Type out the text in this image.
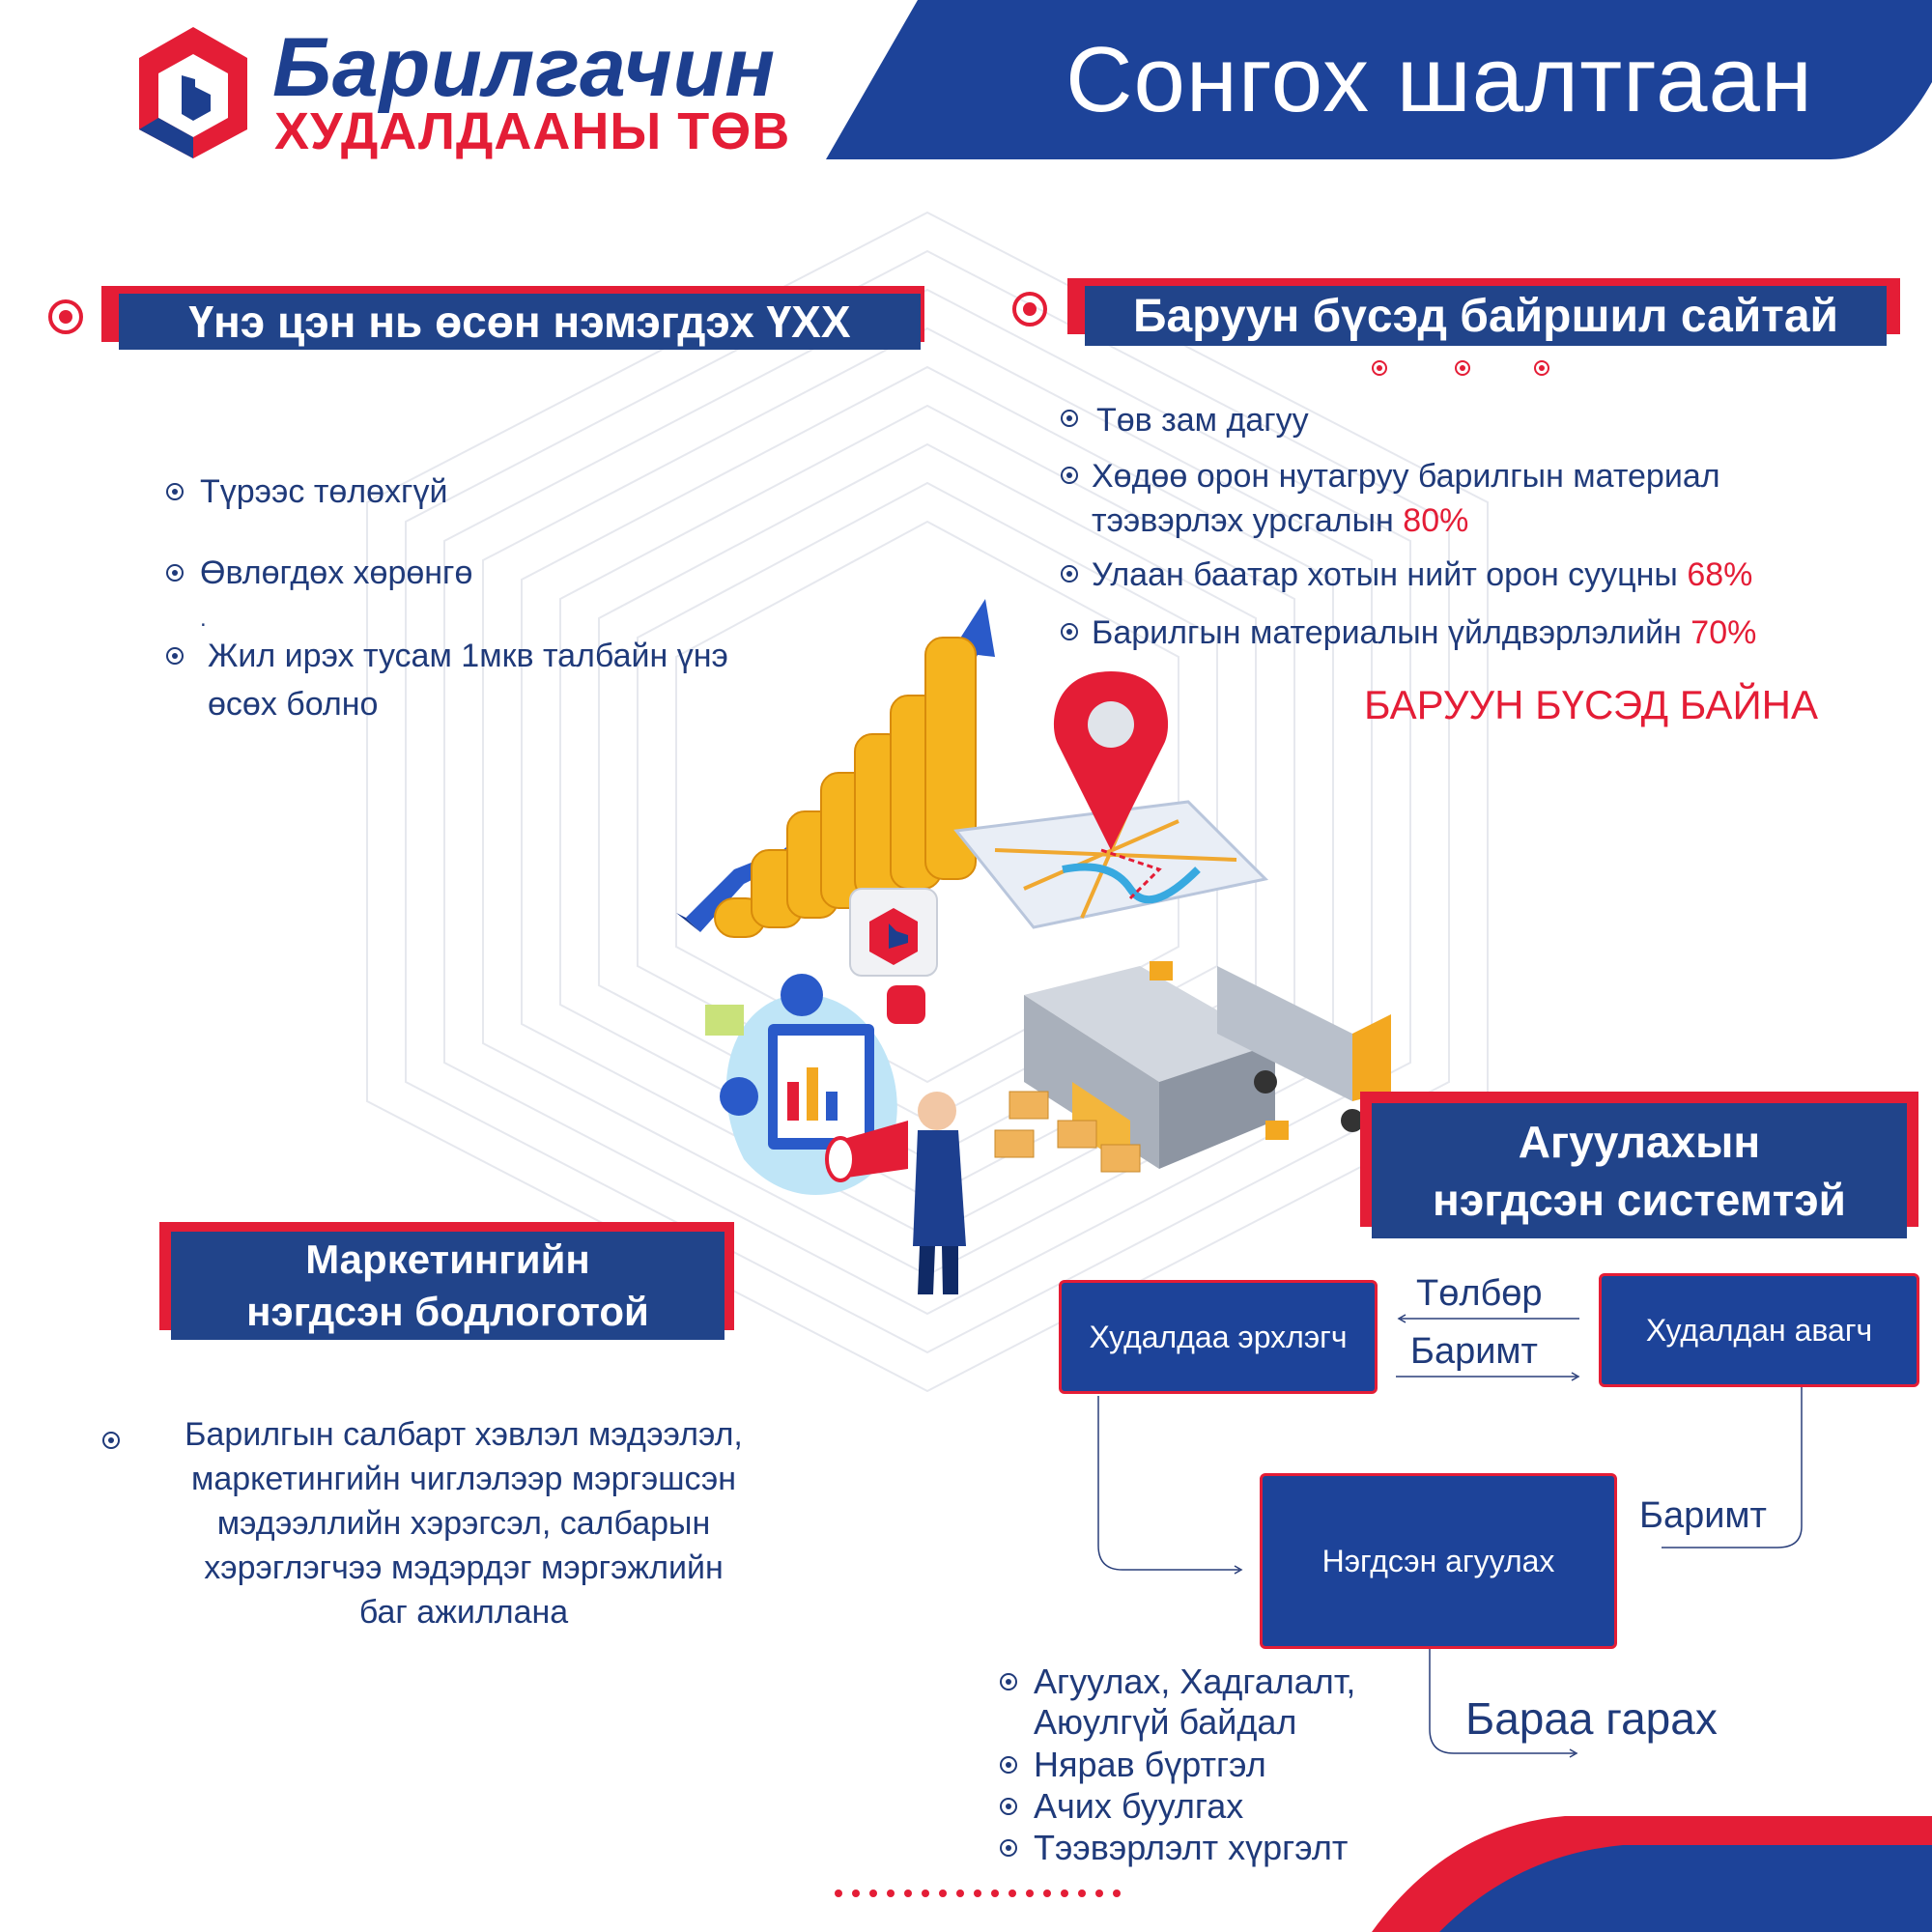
Сонгох шалтгаан
Барилгачин
ХУДАЛДААНЫ ТӨВ
Үнэ цэн нь өсөн нэмэгдэх ҮХХ
Түрээс төлөхгүй
Өвлөгдөх хөрөнгө
.
Жил ирэх тусам 1мкв талбайн үнэ
өсөх болно
Баруун бүсэд байршил сайтай
Төв зам дагуу
Хөдөө орон нутагруу барилгын материал
тээвэрлэх урсгалын 80%
Улаан баатар хотын нийт орон сууцны 68%
Барилгын материалын үйлдвэрлэлийн 70%
БАРУУН БҮСЭД БАЙНА
Маркетингийн
нэгдсэн бодлоготой
Барилгын салбарт хэвлэл мэдээлэл,
маркетингийн чиглэлээр мэргэшсэн
мэдээллийн хэрэгсэл, салбарын
хэрэглэгчээ мэдэрдэг мэргэжлийн
баг ажиллана
Агуулахын
нэгдсэн системтэй
Худалдаа эрхлэгч	Худалдан авагч
Нэгдсэн агуулах
Төлбөр
Баримт
Баримт
Бараа гарах
Агуулах, Хадгалалт,
Аюулгүй байдал
Нярав бүртгэл
Ачих буулгах
Тээвэрлэлт хүргэлт
